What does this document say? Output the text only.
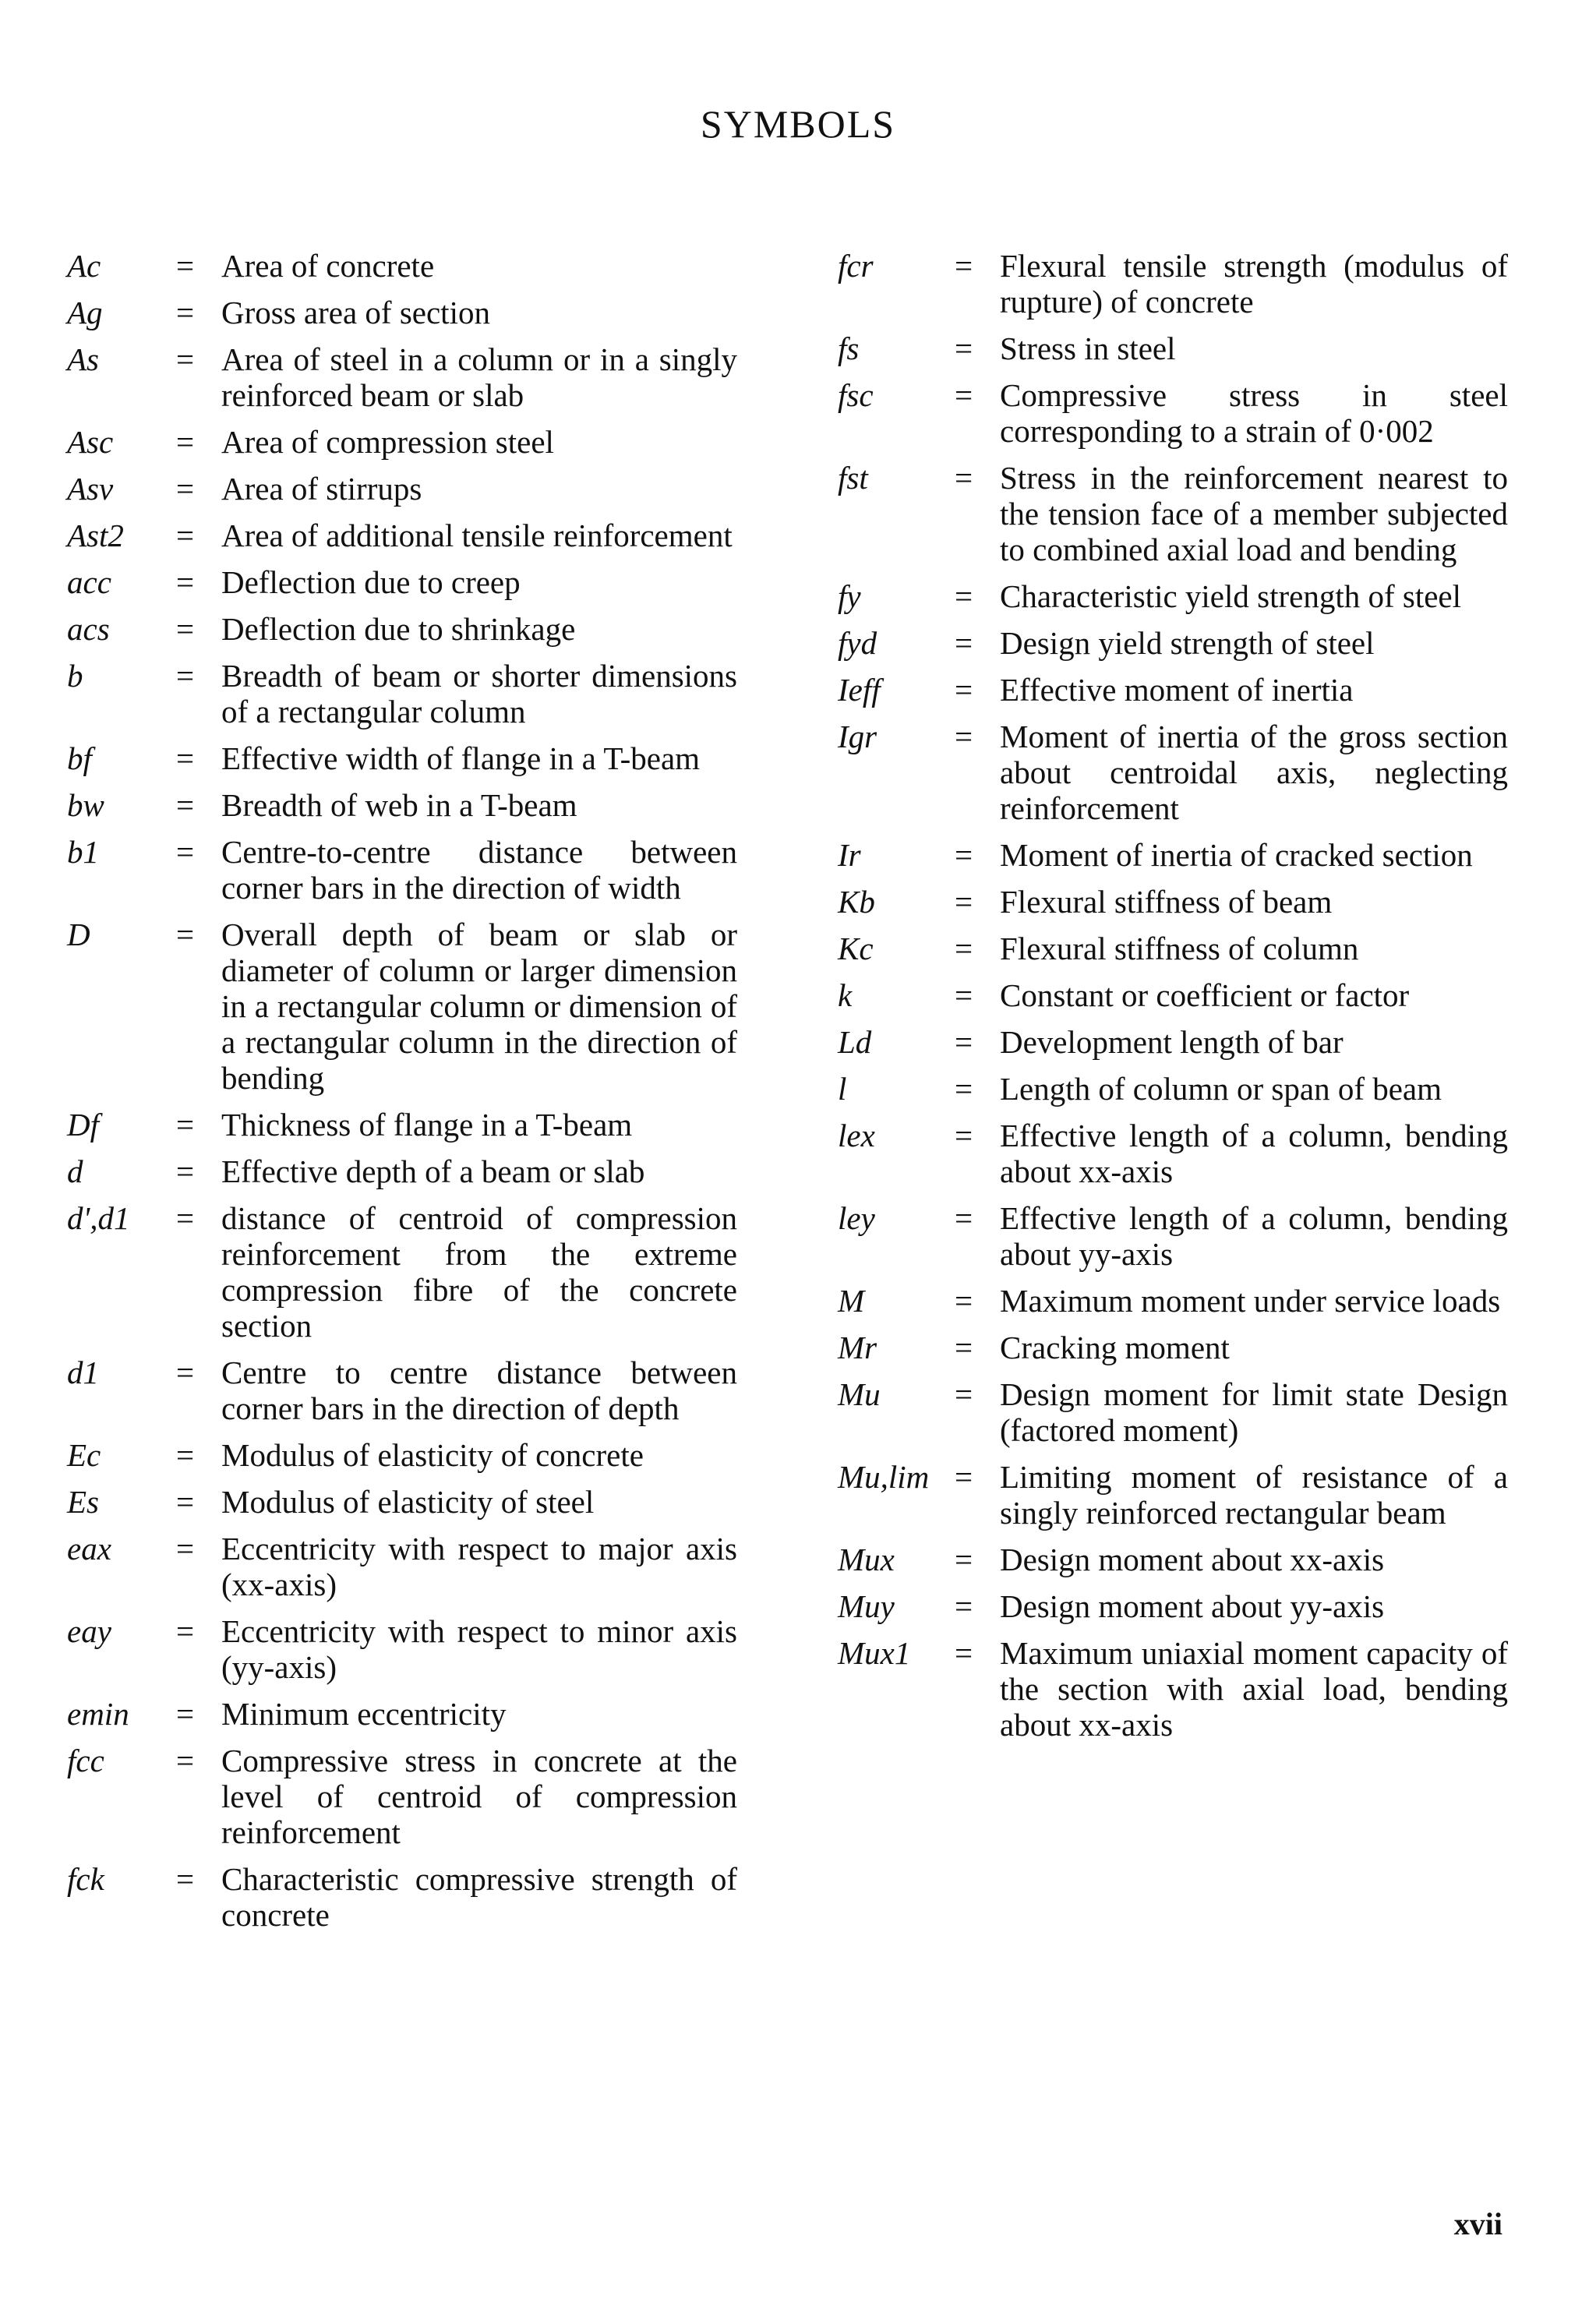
SYMBOLS
Ac	= Area of concrete
Ag	= Gross area of section
As	= Area of steel in a column or in a singly reinforced beam or slab
Asc	= Area of compression steel
Asv	= Area of stirrups
Ast2	= Area of additional tensile reinforcement
acc	= Deflection due to creep
acs	= Deflection due to shrinkage
b	= Breadth of beam or shorter dimensions of a rectangular column
bf	= Effective width of flange in a T-beam
bw	= Breadth of web in a T-beam
b1	= Centre-to-centre distance between corner bars in the direction of width
D	= Overall depth of beam or slab or diameter of column or larger dimension in a rectangular column or dimension of a rectangular column in the direction of bending
Df	= Thickness of flange in a T-beam
d	= Effective depth of a beam or slab
d',d1	= distance of centroid of compression reinforcement from the extreme compression fibre of the concrete section
d1	= Centre to centre distance between corner bars in the direction of depth
Ec	= Modulus of elasticity of concrete
Es	= Modulus of elasticity of steel
eax	= Eccentricity with respect to major axis (xx-axis)
eay	= Eccentricity with respect to minor axis (yy-axis)
emin	= Minimum eccentricity
fcc	= Compressive stress in concrete at the level of centroid of compression reinforcement
fck	= Characteristic compressive strength of concrete
fcr	= Flexural tensile strength (modulus of rupture) of concrete
fs	= Stress in steel
fsc	= Compressive stress in steel corresponding to a strain of 0·002
fst	= Stress in the reinforcement nearest to the tension face of a member subjected to combined axial load and bending
fy	= Characteristic yield strength of steel
fyd	= Design yield strength of steel
Ieff	= Effective moment of inertia
Igr	= Moment of inertia of the gross section about centroidal axis, neglecting reinforcement
Ir	= Moment of inertia of cracked section
Kb	= Flexural stiffness of beam
Kc	= Flexural stiffness of column
k	= Constant or coefficient or factor
Ld	= Development length of bar
l	= Length of column or span of beam
lex	= Effective length of a column, bending about xx-axis
ley	= Effective length of a column, bending about yy-axis
M	= Maximum moment under service loads
Mr	= Cracking moment
Mu	= Design moment for limit state Design (factored moment)
Mu,lim = Limiting moment of resistance of a singly reinforced rectangular beam
Mux	= Design moment about xx-axis
Muy	= Design moment about yy-axis
Mux1	= Maximum uniaxial moment capacity of the section with axial load, bending about xx-axis
xvii
